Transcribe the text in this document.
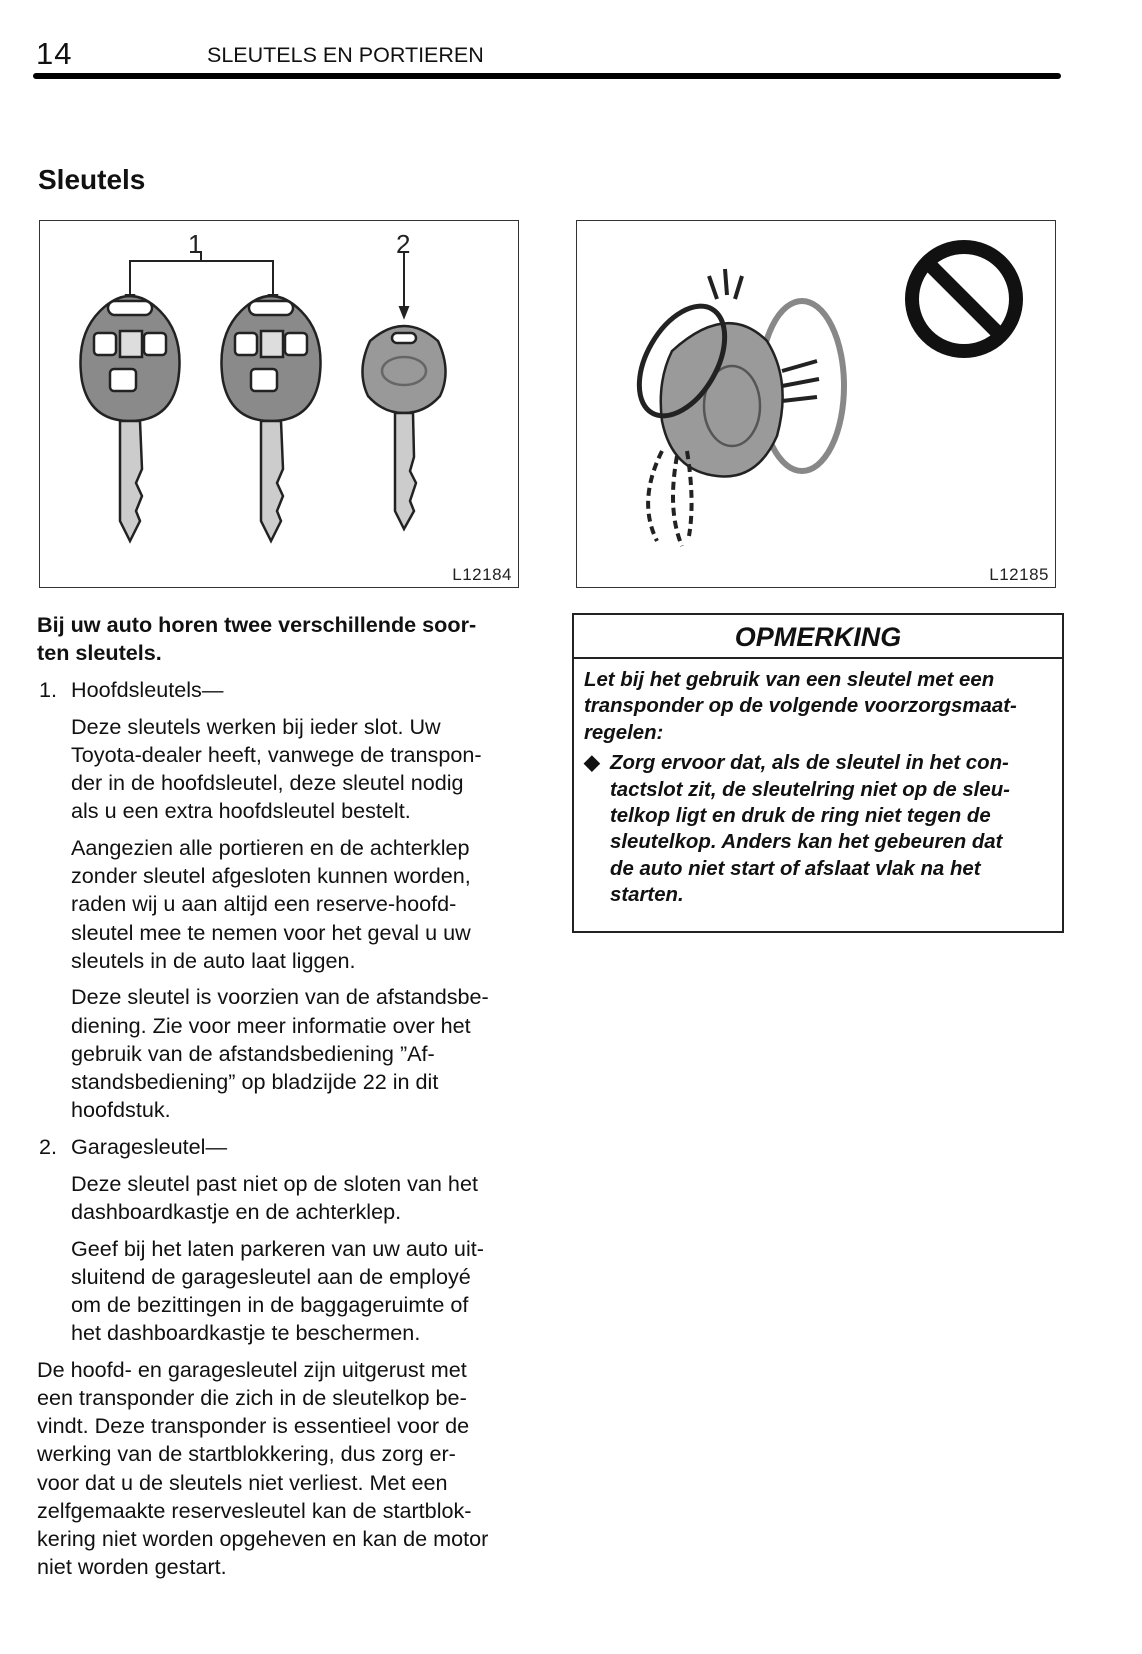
14	SLEUTELS EN PORTIEREN
Sleutels
1	2
L12184	L12185

Bij uw auto horen twee verschillende soor-
ten sleutels.

1. Hoofdsleutels—

Deze sleutels werken bij ieder slot. Uw
Toyota-dealer heeft, vanwege de transpon-
der in de hoofdsleutel, deze sleutel nodig
als u een extra hoofdsleutel bestelt.

Aangezien alle portieren en de achterklep
zonder sleutel afgesloten kunnen worden,
raden wij u aan altijd een reserve-hoofd-
sleutel mee te nemen voor het geval u uw
sleutels in de auto laat liggen.

Deze sleutel is voorzien van de afstandsbe-
diening. Zie voor meer informatie over het
gebruik van de afstandsbediening ”Af-
standsbediening” op bladzijde 22 in dit
hoofdstuk.

2. Garagesleutel—

Deze sleutel past niet op de sloten van het
dashboardkastje en de achterklep.

Geef bij het laten parkeren van uw auto uit-
sluitend de garagesleutel aan de employé
om de bezittingen in de baggageruimte of
het dashboardkastje te beschermen.

De hoofd- en garagesleutel zijn uitgerust met
een transponder die zich in de sleutelkop be-
vindt. Deze transponder is essentieel voor de
werking van de startblokkering, dus zorg er-
voor dat u de sleutels niet verliest. Met een
zelfgemaakte reservesleutel kan de startblok-
kering niet worden opgeheven en kan de motor
niet worden gestart.

OPMERKING

Let bij het gebruik van een sleutel met een
transponder op de volgende voorzorgsmaat-
regelen:

◆ Zorg ervoor dat, als de sleutel in het con-
tactslot zit, de sleutelring niet op de sleu-
telkop ligt en druk de ring niet tegen de
sleutelkop. Anders kan het gebeuren dat
de auto niet start of afslaat vlak na het
starten.
